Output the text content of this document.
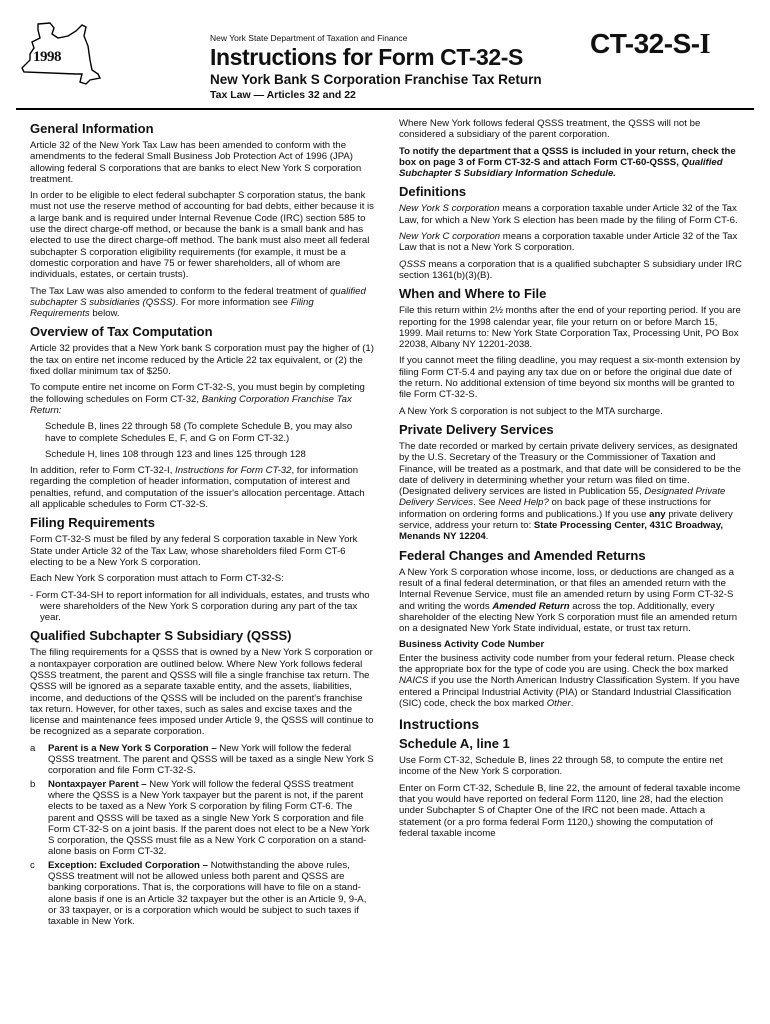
1998
New York State Department of Taxation and Finance
Instructions for Form CT-32-S
New York Bank S Corporation Franchise Tax Return
Tax Law — Articles 32 and 22
CT-32-S-I
General Information

Article 32 of the New York Tax Law has been amended to conform with the amendments to the federal Small Business Job Protection Act of 1996 (JPA) allowing federal S corporations that are banks to elect New York S corporation treatment.

In order to be eligible to elect federal subchapter S corporation status, the bank must not use the reserve method of accounting for bad debts, either because it is a large bank and is required under Internal Revenue Code (IRC) section 585 to use the direct charge-off method, or because the bank is a small bank and has elected to use the direct charge-off method. The bank must also meet all federal subchapter S corporation eligibility requirements (for example, it must be a domestic corporation and have 75 or fewer shareholders, all of whom are individuals, estates, or certain trusts).

The Tax Law was also amended to conform to the federal treatment of qualified subchapter S subsidiaries (QSSS). For more information see Filing Requirements below.

Overview of Tax Computation

Article 32 provides that a New York bank S corporation must pay the higher of (1) the tax on entire net income reduced by the Article 22 tax equivalent, or (2) the fixed dollar minimum tax of $250.

To compute entire net income on Form CT-32-S, you must begin by completing the following schedules on Form CT-32, Banking Corporation Franchise Tax Return:

Schedule B, lines 22 through 58 (To complete Schedule B, you may also have to complete Schedules E, F, and G on Form CT-32.)

Schedule H, lines 108 through 123 and lines 125 through 128

In addition, refer to Form CT-32-I, Instructions for Form CT-32, for information regarding the completion of header information, computation of interest and penalties, refund, and computation of the issuer's allocation percentage. Attach all applicable schedules to Form CT-32-S.

Filing Requirements

Form CT-32-S must be filed by any federal S corporation taxable in New York State under Article 32 of the Tax Law, whose shareholders filed Form CT-6 electing to be a New York S corporation.

Each New York S corporation must attach to Form CT-32-S:

- Form CT-34-SH to report information for all individuals, estates, and trusts who were shareholders of the New York S corporation during any part of the tax year.

Qualified Subchapter S Subsidiary (QSSS)

The filing requirements for a QSSS that is owned by a New York S corporation or a nontaxpayer corporation are outlined below. Where New York follows federal QSSS treatment, the parent and QSSS will file a single franchise tax return. The QSSS will be ignored as a separate taxable entity, and the assets, liabilities, income, and deductions of the QSSS will be included on the parent's franchise tax return. However, for other taxes, such as sales and excise taxes and the license and maintenance fees imposed under Article 9, the QSSS will continue to be recognized as a separate corporation.

a	Parent is a New York S Corporation – New York will follow the federal QSSS treatment. The parent and QSSS will be taxed as a single New York S corporation and file Form CT-32-S.
b	Nontaxpayer Parent – New York will follow the federal QSSS treatment where the QSSS is a New York taxpayer but the parent is not, if the parent elects to be taxed as a New York S corporation by filing Form CT-6. The parent and QSSS will be taxed as a single New York S corporation and file Form CT-32-S on a joint basis. If the parent does not elect to be a New York S corporation, the QSSS must file as a New York C corporation on a stand-alone basis on Form CT-32.
c	Exception: Excluded Corporation – Notwithstanding the above rules, QSSS treatment will not be allowed unless both parent and QSSS are banking corporations. That is, the corporations will have to file on a stand-alone basis if one is an Article 32 taxpayer but the other is an Article 9, 9-A, or 33 taxpayer, or is a corporation which would be subject to such taxes if taxable in New York.

Where New York follows federal QSSS treatment, the QSSS will not be considered a subsidiary of the parent corporation.

To notify the department that a QSSS is included in your return, check the box on page 3 of Form CT-32-S and attach Form CT-60-QSSS, Qualified Subchapter S Subsidiary Information Schedule.

Definitions

New York S corporation means a corporation taxable under Article 32 of the Tax Law, for which a New York S election has been made by the filing of Form CT-6.

New York C corporation means a corporation taxable under Article 32 of the Tax Law that is not a New York S corporation.

QSSS means a corporation that is a qualified subchapter S subsidiary under IRC section 1361(b)(3)(B).

When and Where to File

File this return within 2½ months after the end of your reporting period. If you are reporting for the 1998 calendar year, file your return on or before March 15, 1999. Mail returns to: New York State Corporation Tax, Processing Unit, PO Box 22038, Albany NY 12201-2038.

If you cannot meet the filing deadline, you may request a six-month extension by filing Form CT-5.4 and paying any tax due on or before the original due date of the return. No additional extension of time beyond six months will be granted to file Form CT-32-S.

A New York S corporation is not subject to the MTA surcharge.

Private Delivery Services

The date recorded or marked by certain private delivery services, as designated by the U.S. Secretary of the Treasury or the Commissioner of Taxation and Finance, will be treated as a postmark, and that date will be considered to be the date of delivery in determining whether your return was filed on time. (Designated delivery services are listed in Publication 55, Designated Private Delivery Services. See Need Help? on back page of these instructions for information on ordering forms and publications.) If you use any private delivery service, address your return to: State Processing Center, 431C Broadway, Menands NY 12204.

Federal Changes and Amended Returns

A New York S corporation whose income, loss, or deductions are changed as a result of a final federal determination, or that files an amended return with the Internal Revenue Service, must file an amended return by using Form CT-32-S and writing the words Amended Return across the top. Additionally, every shareholder of the electing New York S corporation must file an amended return on a designated New York State individual, estate, or trust tax return.

Business Activity Code Number

Enter the business activity code number from your federal return. Please check the appropriate box for the type of code you are using. Check the box marked NAICS if you use the North American Industry Classification System. If you have entered a Principal Industrial Activity (PIA) or Standard Industrial Classification (SIC) code, check the box marked Other.

Instructions
Schedule A, line 1

Use Form CT-32, Schedule B, lines 22 through 58, to compute the entire net income of the New York S corporation.

Enter on Form CT-32, Schedule B, line 22, the amount of federal taxable income that you would have reported on federal Form 1120, line 28, had the election under Subchapter S of Chapter One of the IRC not been made. Attach a statement (or a pro forma federal Form 1120,) showing the computation of federal taxable income
